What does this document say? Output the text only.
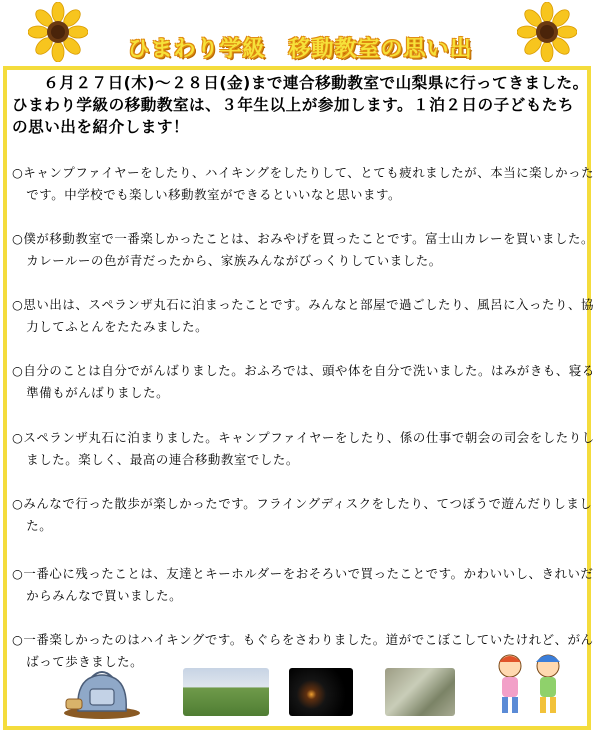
ひまわり学級　移動教室の思い出
６月２７日(木)～２８日(金)まで連合移動教室で山梨県に行ってきました。ひまわり学級の移動教室は、３年生以上が参加します。１泊２日の子どもたちの思い出を紹介します！
○キャンプファイヤーをしたり、ハイキングをしたりして、とても疲れましたが、本当に楽しかったです。中学校でも楽しい移動教室ができるといいなと思います。
○僕が移動教室で一番楽しかったことは、おみやげを買ったことです。富士山カレーを買いました。カレールーの色が青だったから、家族みんながびっくりしていました。
○思い出は、スペランザ丸石に泊まったことです。みんなと部屋で過ごしたり、風呂に入ったり、協力してふとんをたたみました。
○自分のことは自分でがんばりました。おふろでは、頭や体を自分で洗いました。はみがきも、寝る準備もがんばりました。
○スペランザ丸石に泊まりました。キャンプファイヤーをしたり、係の仕事で朝会の司会をしたりしました。楽しく、最高の連合移動教室でした。
○みんなで行った散歩が楽しかったです。フライングディスクをしたり、てつぼうで遊んだりしました。
○一番心に残ったことは、友達とキーホルダーをおそろいで買ったことです。かわいいし、きれいだからみんなで買いました。
○一番楽しかったのはハイキングです。もぐらをさわりました。道がでこぼこしていたけれど、がんばって歩きました。
